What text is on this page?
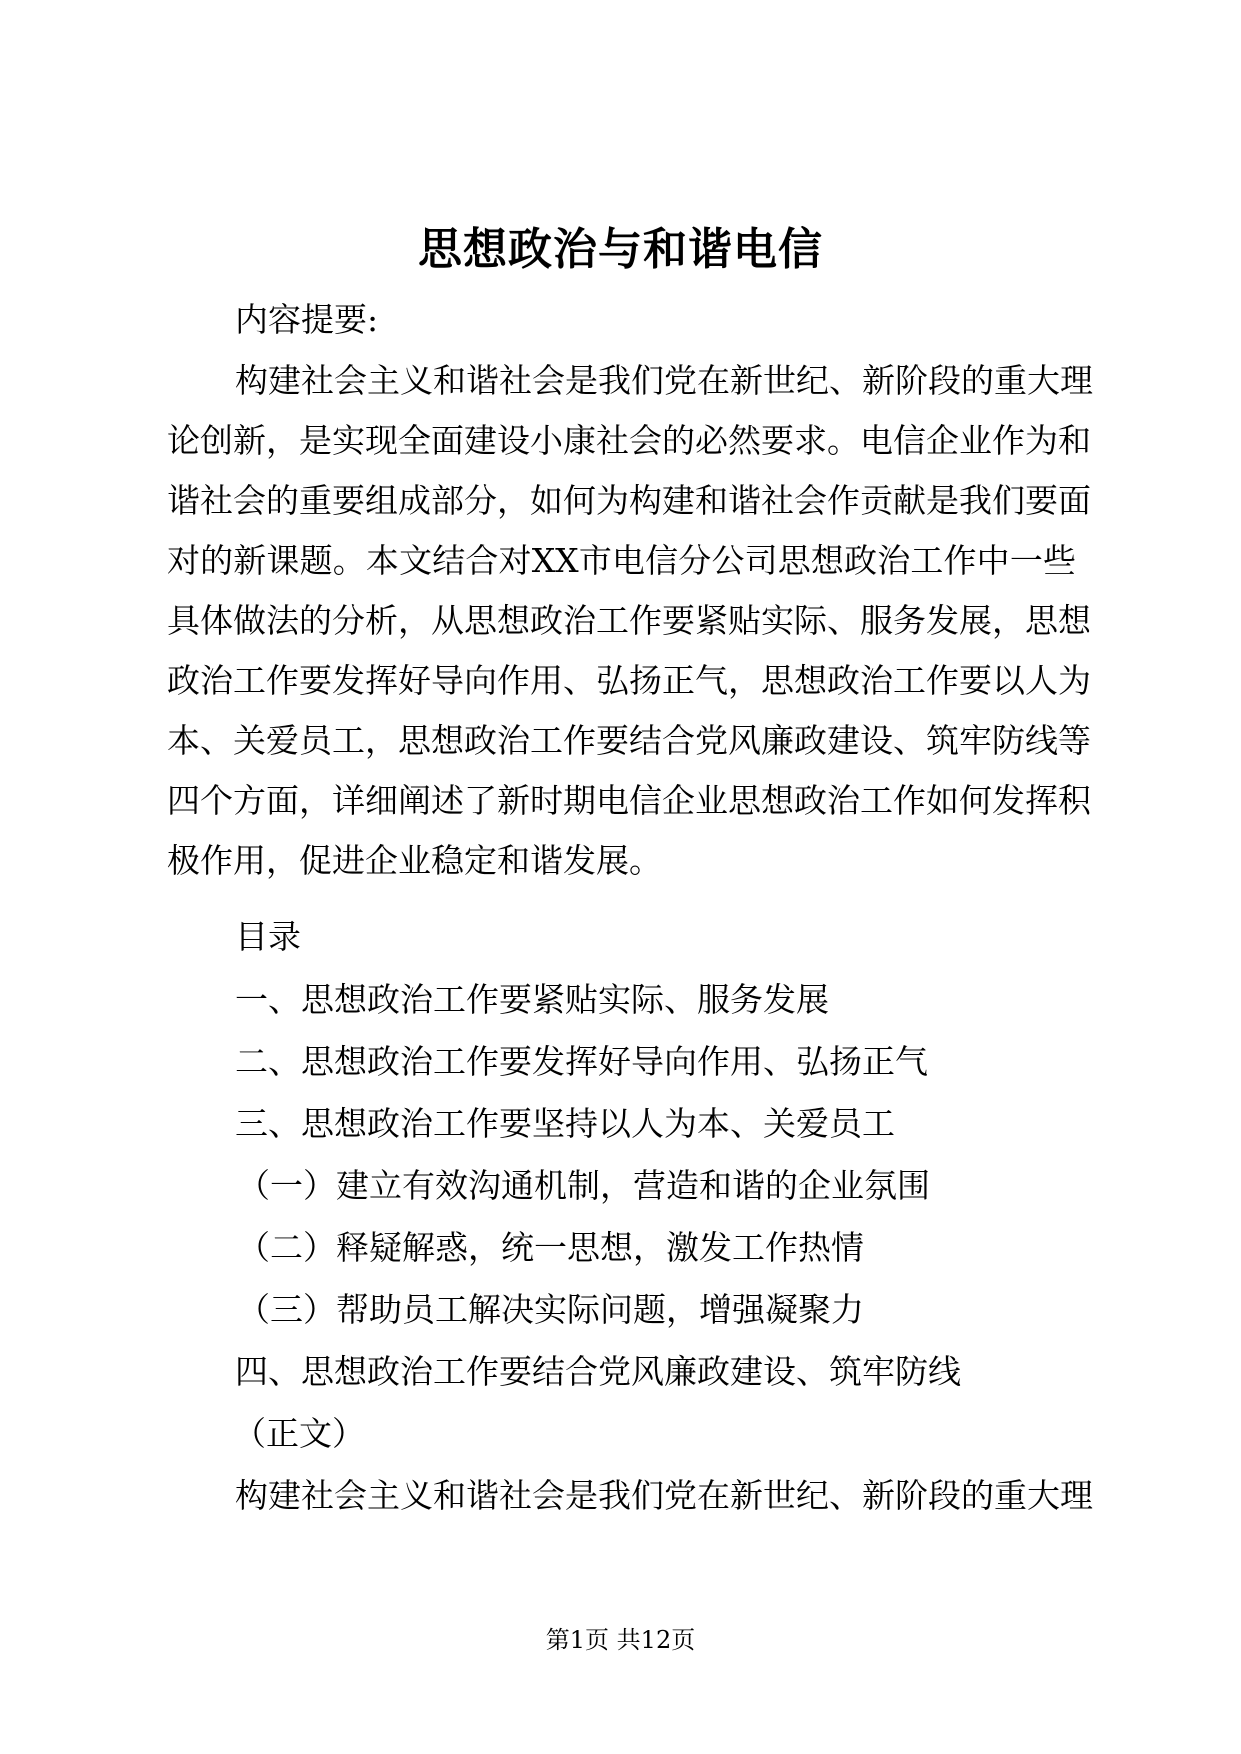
思想政治与和谐电信
内容提要:
构建社会主义和谐社会是我们党在新世纪、新阶段的重大理
论创新，是实现全面建设小康社会的必然要求。电信企业作为和
谐社会的重要组成部分，如何为构建和谐社会作贡献是我们要面
对的新课题。本文结合对XX市电信分公司思想政治工作中一些
具体做法的分析，从思想政治工作要紧贴实际、服务发展，思想
政治工作要发挥好导向作用、弘扬正气，思想政治工作要以人为
本、关爱员工，思想政治工作要结合党风廉政建设、筑牢防线等
四个方面，详细阐述了新时期电信企业思想政治工作如何发挥积
极作用，促进企业稳定和谐发展。
目录
一、思想政治工作要紧贴实际、服务发展
二、思想政治工作要发挥好导向作用、弘扬正气
三、思想政治工作要坚持以人为本、关爱员工
（一）建立有效沟通机制，营造和谐的企业氛围
（二）释疑解惑，统一思想，激发工作热情
（三）帮助员工解决实际问题，增强凝聚力
四、思想政治工作要结合党风廉政建设、筑牢防线
（正文）
构建社会主义和谐社会是我们党在新世纪、新阶段的重大理
第1页 共12页
